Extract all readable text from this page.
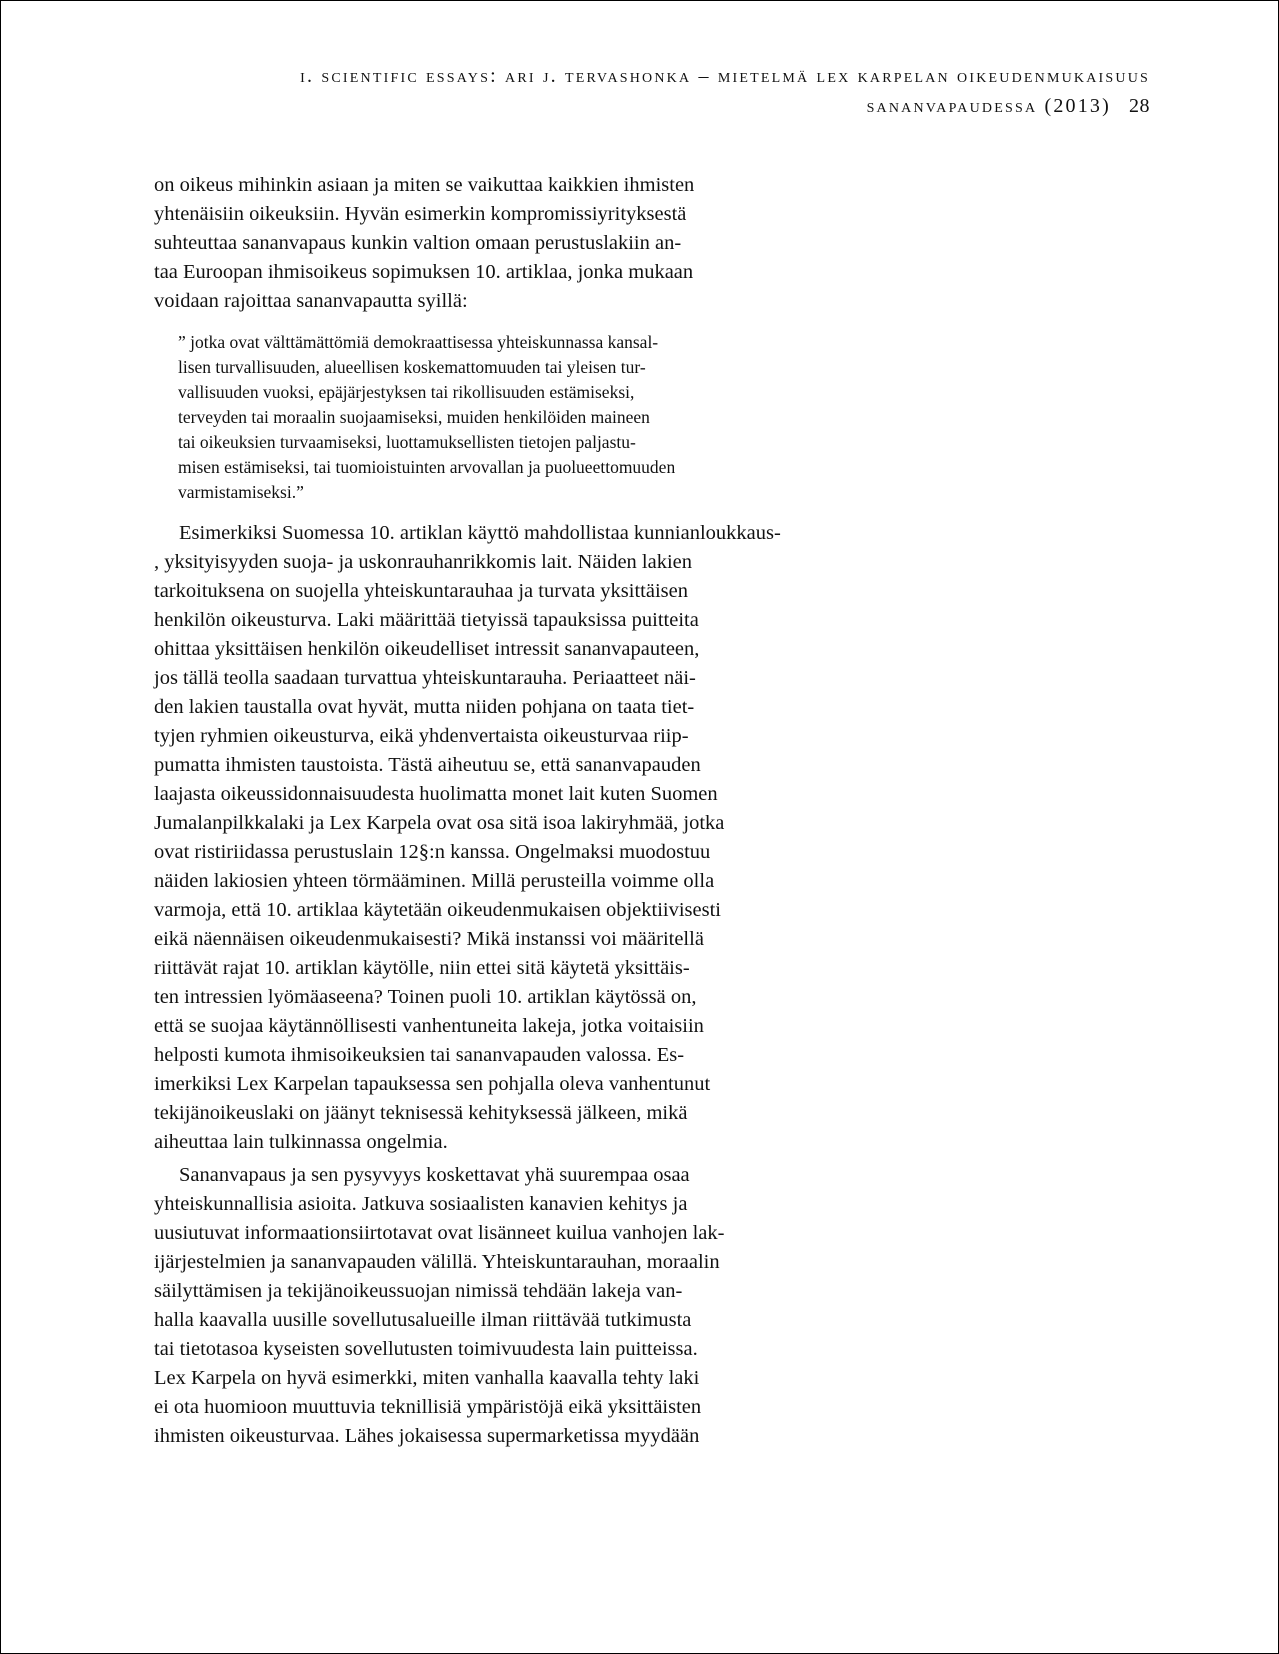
i. scientific essays: ari j. tervashonka – mietelmä lex karpelan oikeudenmukaisuus
sananvapaudessa (2013) 28
on oikeus mihinkin asiaan ja miten se vaikuttaa kaikkien ihmisten
yhtenäisiin oikeuksiin. Hyvän esimerkin kompromissiyrityksestä
suhteuttaa sananvapaus kunkin valtion omaan perustuslakiin an-
taa Euroopan ihmisoikeus sopimuksen 10. artiklaa, jonka mukaan
voidaan rajoittaa sananvapautta syillä:
” jotka ovat välttämättömiä demokraattisessa yhteiskunnassa kansal-
lisen turvallisuuden, alueellisen koskemattomuuden tai yleisen tur-
vallisuuden vuoksi, epäjärjestyksen tai rikollisuuden estämiseksi,
terveyden tai moraalin suojaamiseksi, muiden henkilöiden maineen
tai oikeuksien turvaamiseksi, luottamuksellisten tietojen paljastu-
misen estämiseksi, tai tuomioistuinten arvovallan ja puolueettomuuden
varmistamiseksi.”
Esimerkiksi Suomessa 10. artiklan käyttö mahdollistaa kunnianloukkaus-
, yksityisyyden suoja- ja uskonrauhanrikkomis lait. Näiden lakien
tarkoituksena on suojella yhteiskuntarauhaa ja turvata yksittäisen
henkilön oikeusturva. Laki määrittää tietyissä tapauksissa puitteita
ohittaa yksittäisen henkilön oikeudelliset intressit sananvapauteen,
jos tällä teolla saadaan turvattua yhteiskuntarauha. Periaatteet näi-
den lakien taustalla ovat hyvät, mutta niiden pohjana on taata tiet-
tyjen ryhmien oikeusturva, eikä yhdenvertaista oikeusturvaa riip-
pumatta ihmisten taustoista. Tästä aiheutuu se, että sananvapauden
laajasta oikeussidonnaisuudesta huolimatta monet lait kuten Suomen
Jumalanpilkkalaki ja Lex Karpela ovat osa sitä isoa lakiryhmää, jotka
ovat ristiriidassa perustuslain 12§:n kanssa. Ongelmaksi muodostuu
näiden lakiosien yhteen törmääminen. Millä perusteilla voimme olla
varmoja, että 10. artiklaa käytetään oikeudenmukaisen objektiivisesti
eikä näennäisen oikeudenmukaisesti? Mikä instanssi voi määritellä
riittävät rajat 10. artiklan käytölle, niin ettei sitä käytetä yksittäis-
ten intressien lyömäaseena? Toinen puoli 10. artiklan käytössä on,
että se suojaa käytännöllisesti vanhentuneita lakeja, jotka voitaisiin
helposti kumota ihmisoikeuksien tai sananvapauden valossa. Es-
imerkiksi Lex Karpelan tapauksessa sen pohjalla oleva vanhentunut
tekijänoikeuslaki on jäänyt teknisessä kehityksessä jälkeen, mikä
aiheuttaa lain tulkinnassa ongelmia.
Sananvapaus ja sen pysyvyys koskettavat yhä suurempaa osaa
yhteiskunnallisia asioita. Jatkuva sosiaalisten kanavien kehitys ja
uusiutuvat informaationsiirtotavat ovat lisänneet kuilua vanhojen lak-
ijärjestelmien ja sananvapauden välillä. Yhteiskuntarauhan, moraalin
säilyttämisen ja tekijänoikeussuojan nimissä tehdään lakeja van-
halla kaavalla uusille sovellutusalueille ilman riittävää tutkimusta
tai tietotasoa kyseisten sovellutusten toimivuudesta lain puitteissa.
Lex Karpela on hyvä esimerkki, miten vanhalla kaavalla tehty laki
ei ota huomioon muuttuvia teknillisiä ympäristöjä eikä yksittäisten
ihmisten oikeusturvaa. Lähes jokaisessa supermarketissa myydään
